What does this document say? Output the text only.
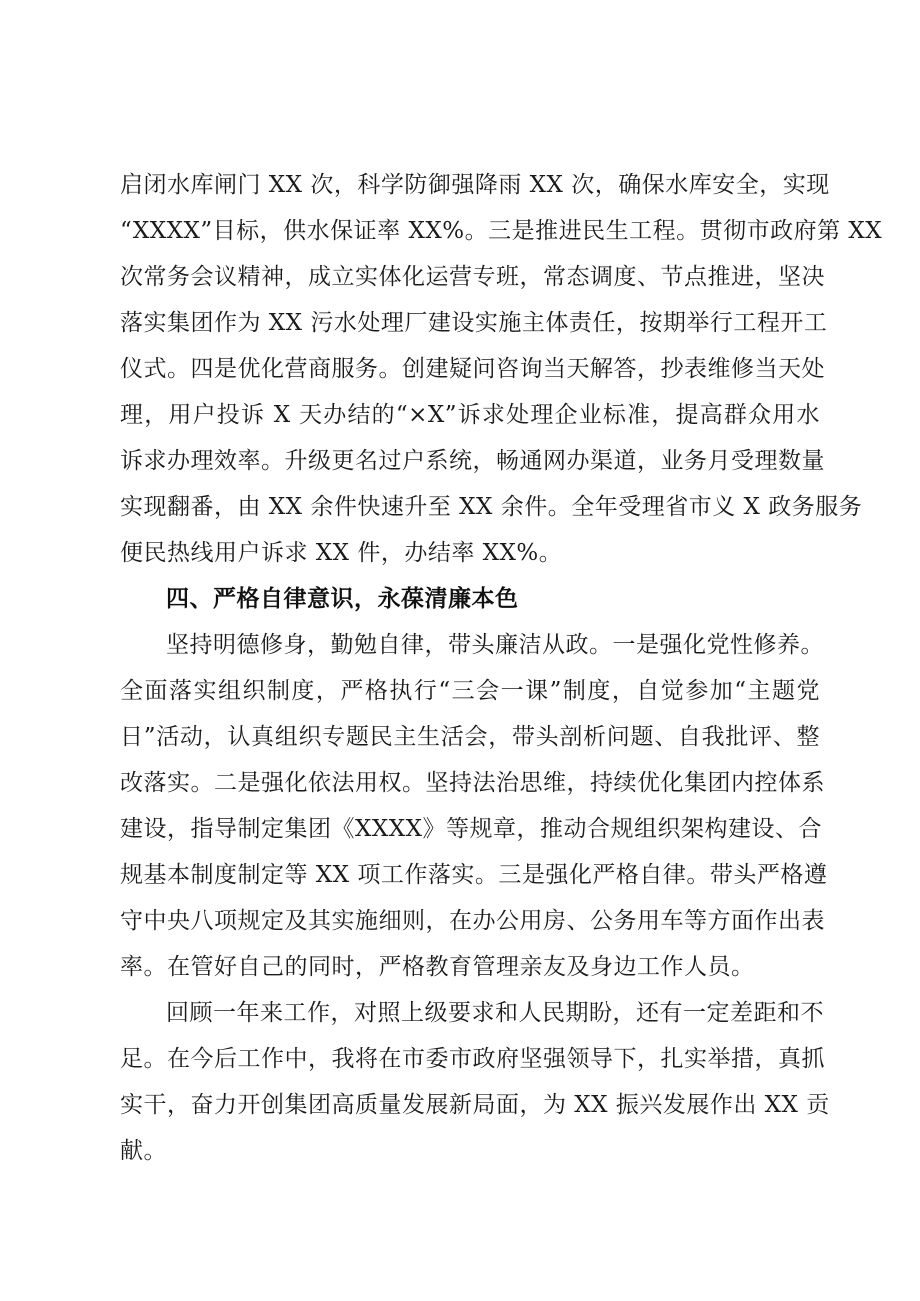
启闭水库闸门 XX 次，科学防御强降雨 XX 次，确保水库安全，实现
“XXXX”目标，供水保证率 XX%。三是推进民生工程。贯彻市政府第 XX
次常务会议精神，成立实体化运营专班，常态调度、节点推进，坚决
落实集团作为 XX 污水处理厂建设实施主体责任，按期举行工程开工
仪式。四是优化营商服务。创建疑问咨询当天解答，抄表维修当天处
理，用户投诉 X 天办结的“×X”诉求处理企业标准，提高群众用水
诉求办理效率。升级更名过户系统，畅通网办渠道，业务月受理数量
实现翻番，由 XX 余件快速升至 XX 余件。全年受理省市义 X 政务服务
便民热线用户诉求 XX 件，办结率 XX%。
四、严格自律意识，永葆清廉本色
坚持明德修身，勤勉自律，带头廉洁从政。一是强化党性修养。
全面落实组织制度，严格执行“三会一课”制度，自觉参加“主题党
日”活动，认真组织专题民主生活会，带头剖析问题、自我批评、整
改落实。二是强化依法用权。坚持法治思维，持续优化集团内控体系
建设，指导制定集团《XXXX》等规章，推动合规组织架构建设、合
规基本制度制定等 XX 项工作落实。三是强化严格自律。带头严格遵
守中央八项规定及其实施细则，在办公用房、公务用车等方面作出表
率。在管好自己的同时，严格教育管理亲友及身边工作人员。
回顾一年来工作，对照上级要求和人民期盼，还有一定差距和不
足。在今后工作中，我将在市委市政府坚强领导下，扎实举措，真抓
实干，奋力开创集团高质量发展新局面，为 XX 振兴发展作出 XX 贡
献。
